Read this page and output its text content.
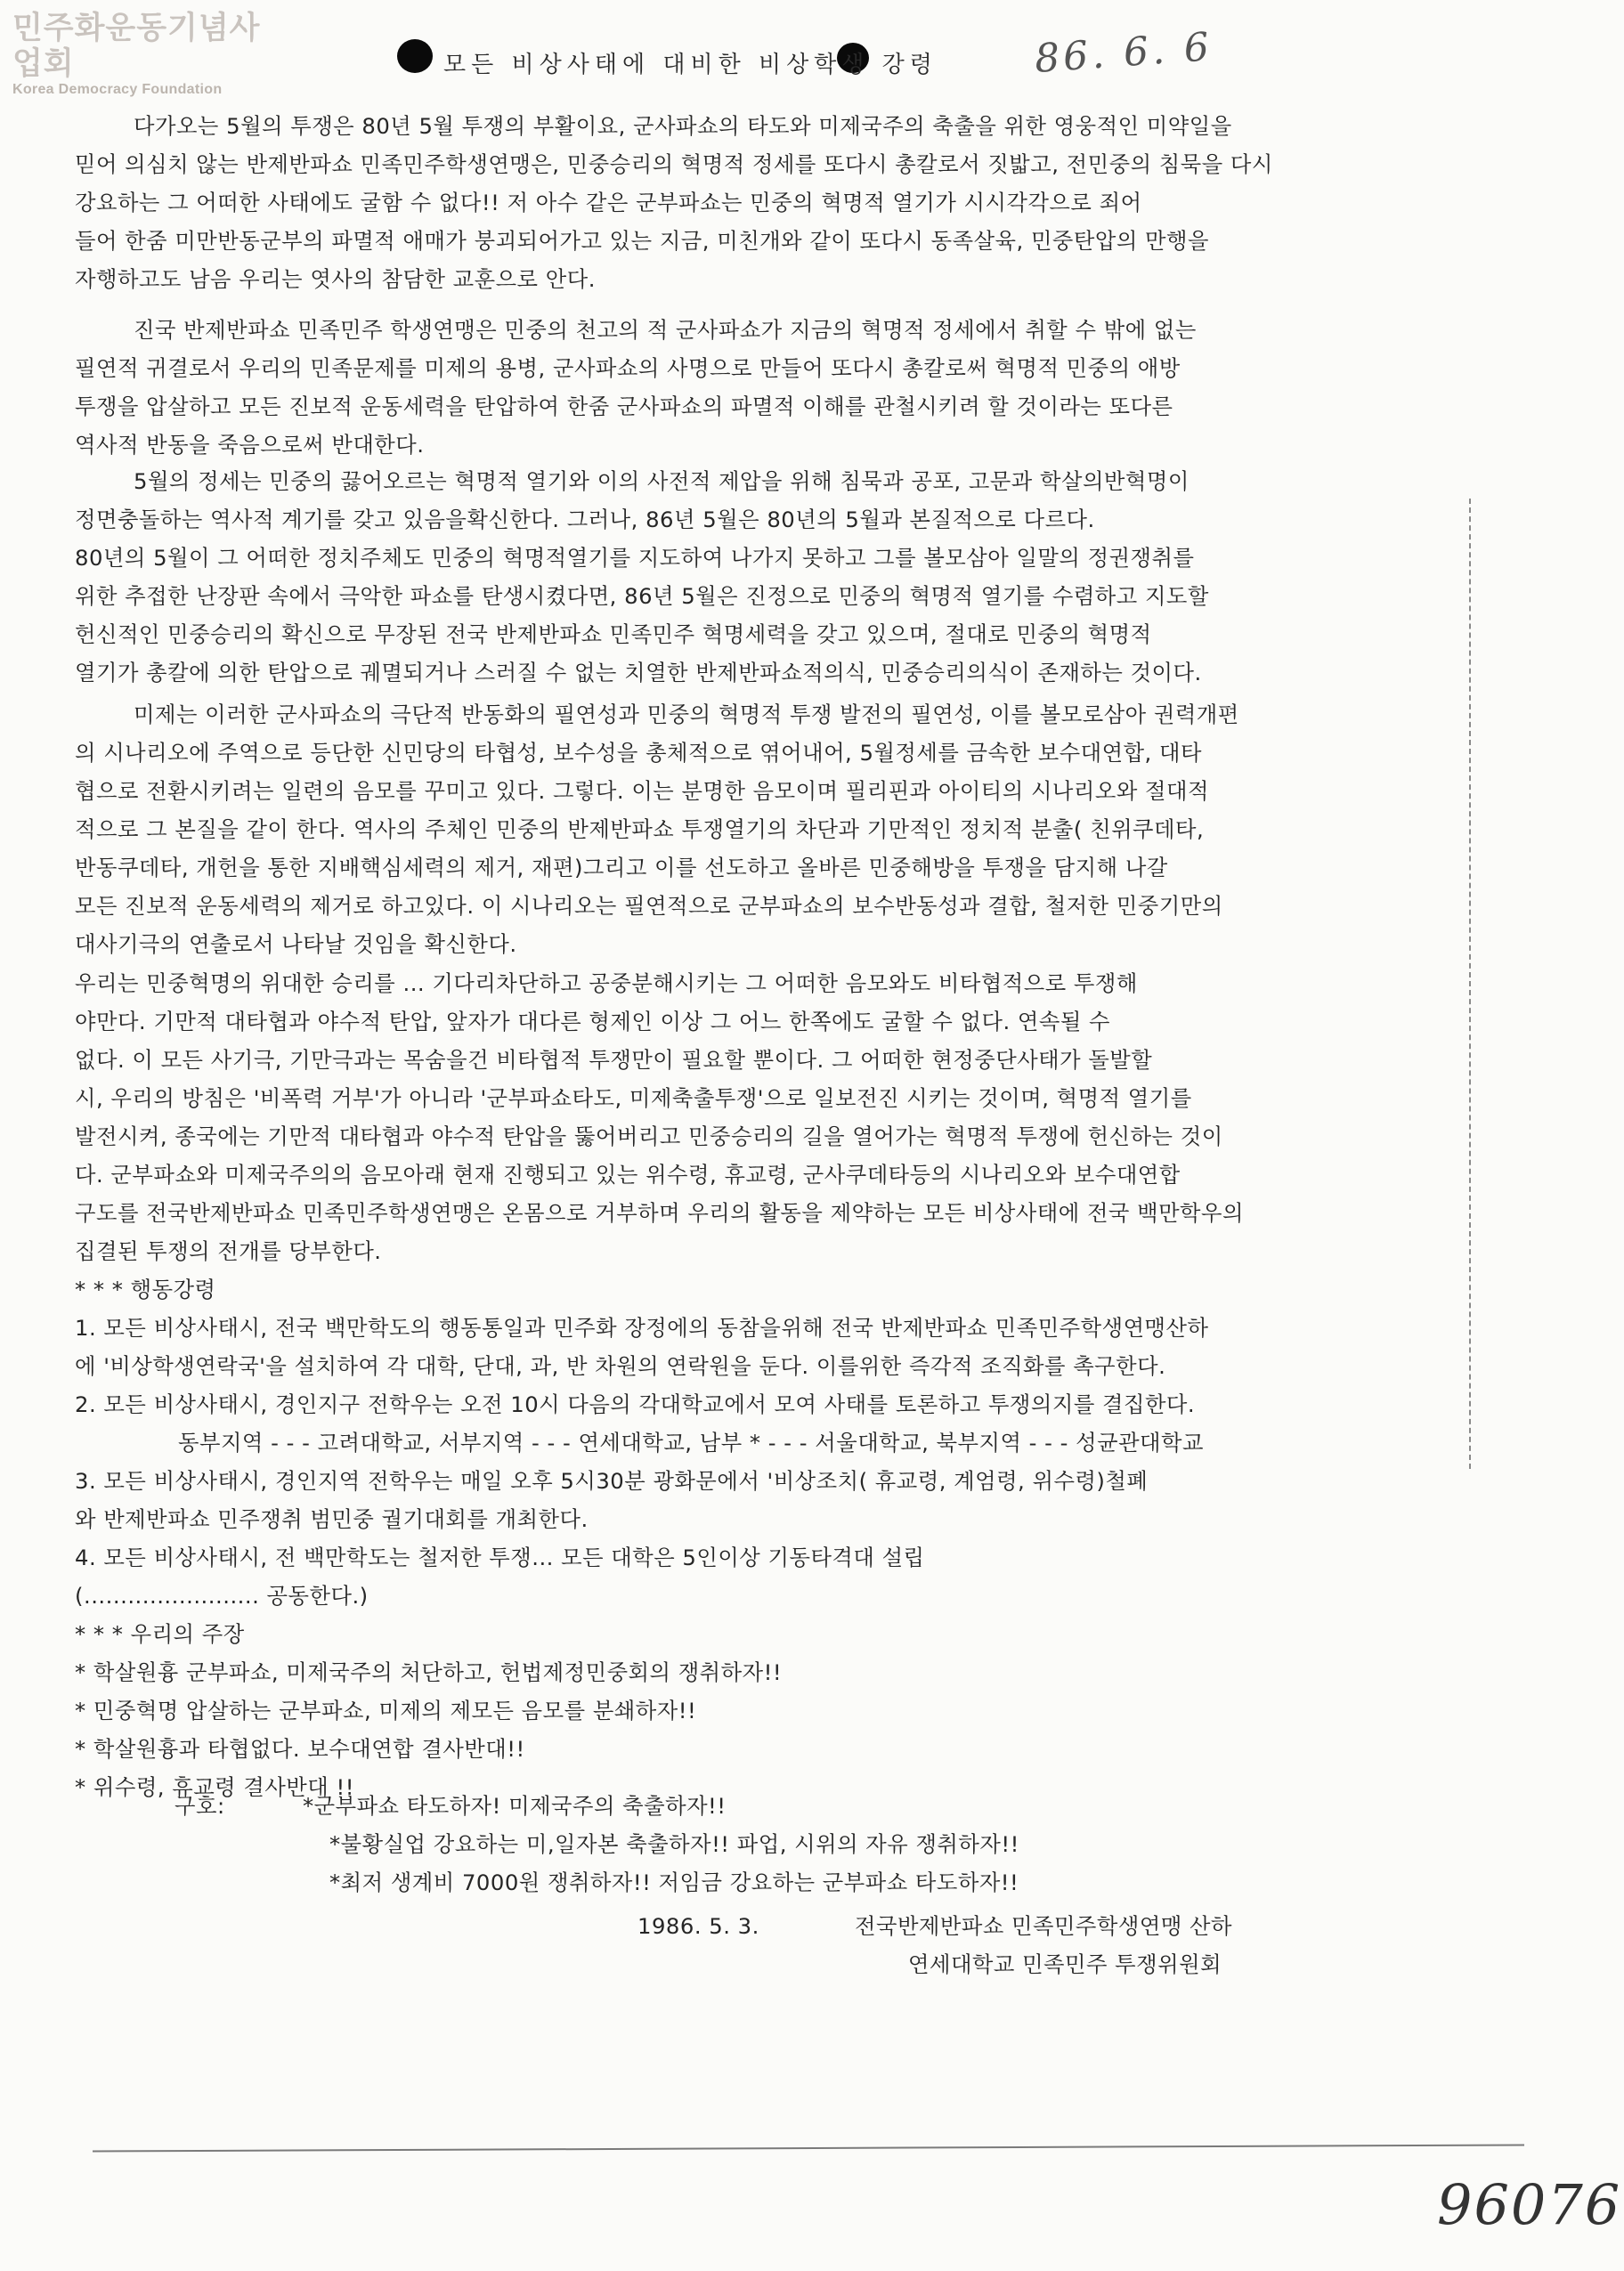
민주화운동기념사업회
Korea Democracy Foundation
모든 비상사태에 대비한 비상학생 강령 86. 6. 6
다가오는 5월의 투쟁은 80년 5월 투쟁의 부활이요, 군사파쇼의 타도와 미제국주의 축출을 위한 영웅적인 미약일을
믿어 의심치 않는 반제반파쇼 민족민주학생연맹은, 민중승리의 혁명적 정세를 또다시 총칼로서 짓밟고, 전민중의 침묵을 다시
강요하는 그 어떠한 사태에도 굴함 수 없다!! 저 아수 같은 군부파쇼는 민중의 혁명적 열기가 시시각각으로 죄어
들어 한줌 미만반동군부의 파멸적 애매가 붕괴되어가고 있는 지금, 미친개와 같이 또다시 동족살육, 민중탄압의 만행을
자행하고도 남음 우리는 엿사의 참담한 교훈으로 안다.
진국 반제반파쇼 민족민주 학생연맹은 민중의 천고의 적 군사파쇼가 지금의 혁명적 정세에서 취할 수 밖에 없는
필연적 귀결로서 우리의 민족문제를 미제의 용병, 군사파쇼의 사명으로 만들어 또다시 총칼로써 혁명적 민중의 애방
투쟁을 압살하고 모든 진보적 운동세력을 탄압하여 한줌 군사파쇼의 파멸적 이해를 관철시키려 할 것이라는 또다른
역사적 반동을 죽음으로써 반대한다.
5월의 정세는 민중의 끓어오르는 혁명적 열기와 이의 사전적 제압을 위해 침묵과 공포, 고문과 학살의반혁명이
정면충돌하는 역사적 계기를 갖고 있음을확신한다. 그러나, 86년 5월은 80년의 5월과 본질적으로 다르다.
80년의 5월이 그 어떠한 정치주체도 민중의 혁명적열기를 지도하여 나가지 못하고 그를 볼모삼아 일말의 정권쟁취를
위한 추접한 난장판 속에서 극악한 파쇼를 탄생시켰다면, 86년 5월은 진정으로 민중의 혁명적 열기를 수렴하고 지도할
헌신적인 민중승리의 확신으로 무장된 전국 반제반파쇼 민족민주 혁명세력을 갖고 있으며, 절대로 민중의 혁명적
열기가 총칼에 의한 탄압으로 궤멸되거나 스러질 수 없는 치열한 반제반파쇼적의식, 민중승리의식이 존재하는 것이다.
미제는 이러한 군사파쇼의 극단적 반동화의 필연성과 민중의 혁명적 투쟁 발전의 필연성, 이를 볼모로삼아 권력개편
의 시나리오에 주역으로 등단한 신민당의 타협성, 보수성을 총체적으로 엮어내어, 5월정세를 금속한 보수대연합, 대타
협으로 전환시키려는 일련의 음모를 꾸미고 있다. 그렇다. 이는 분명한 음모이며 필리핀과 아이티의 시나리오와 절대적
적으로 그 본질을 같이 한다. 역사의 주체인 민중의 반제반파쇼 투쟁열기의 차단과 기만적인 정치적 분출( 친위쿠데타,
반동쿠데타, 개헌을 통한 지배핵심세력의 제거, 재편)그리고 이를 선도하고 올바른 민중해방을 투쟁을 담지해 나갈
모든 진보적 운동세력의 제거로 하고있다. 이 시나리오는 필연적으로 군부파쇼의 보수반동성과 결합, 철저한 민중기만의
대사기극의 연출로서 나타날 것임을 확신한다.
우리는 민중혁명의 위대한 승리를 ... 기다리차단하고 공중분해시키는 그 어떠한 음모와도 비타협적으로 투쟁해
야만다. 기만적 대타협과 야수적 탄압, 앞자가 대다른 형제인 이상 그 어느 한쪽에도 굴할 수 없다. 연속될 수
없다. 이 모든 사기극, 기만극과는 목숨을건 비타협적 투쟁만이 필요할 뿐이다. 그 어떠한 현정중단사태가 돌발할
시, 우리의 방침은 '비폭력 거부'가 아니라 '군부파쇼타도, 미제축출투쟁'으로 일보전진 시키는 것이며, 혁명적 열기를
발전시켜, 종국에는 기만적 대타협과 야수적 탄압을 뚫어버리고 민중승리의 길을 열어가는 혁명적 투쟁에 헌신하는 것이
다. 군부파쇼와 미제국주의의 음모아래 현재 진행되고 있는 위수령, 휴교령, 군사쿠데타등의 시나리오와 보수대연합
구도를 전국반제반파쇼 민족민주학생연맹은 온몸으로 거부하며 우리의 활동을 제약하는 모든 비상사태에 전국 백만학우의
집결된 투쟁의 전개를 당부한다.
* * * 행동강령
1. 모든 비상사태시, 전국 백만학도의 행동통일과 민주화 장정에의 동참을위해 전국 반제반파쇼 민족민주학생연맹산하
에 '비상학생연락국'을 설치하여 각 대학, 단대, 과, 반 차원의 연락원을 둔다. 이를위한 즉각적 조직화를 촉구한다.
2. 모든 비상사태시, 경인지구 전학우는 오전 10시 다음의 각대학교에서 모여 사태를 토론하고 투쟁의지를 결집한다.
동부지역 - - - 고려대학교, 서부지역 - - - 연세대학교, 남부 * - - - 서울대학교, 북부지역 - - - 성균관대학교
3. 모든 비상사태시, 경인지역 전학우는 매일 오후 5시30분 광화문에서 '비상조치( 휴교령, 계엄령, 위수령)철폐
와 반제반파쇼 민주쟁취 범민중 궐기대회를 개최한다.
4. 모든 비상사태시, 전 백만학도는 철저한 투쟁... 모든 대학은 5인이상 기동타격대 설립
(........................ 공동한다.)
* * * 우리의 주장
* 학살원흉 군부파쇼, 미제국주의 처단하고, 헌법제정민중회의 쟁취하자!!
* 민중혁명 압살하는 군부파쇼, 미제의 제모든 음모를 분쇄하자!!
* 학살원흉과 타협없다. 보수대연합 결사반대!!
* 위수령, 휴교령 결사반대 !!
구호:	*군부파쇼 타도하자! 미제국주의 축출하자!!
*불황실업 강요하는 미,일자본 축출하자!! 파업, 시위의 자유 쟁취하자!!
*최저 생계비 7000원 쟁취하자!! 저임금 강요하는 군부파쇼 타도하자!!
1986. 5. 3.	전국반제반파쇼 민족민주학생연맹 산하
연세대학교 민족민주 투쟁위원회
96076
